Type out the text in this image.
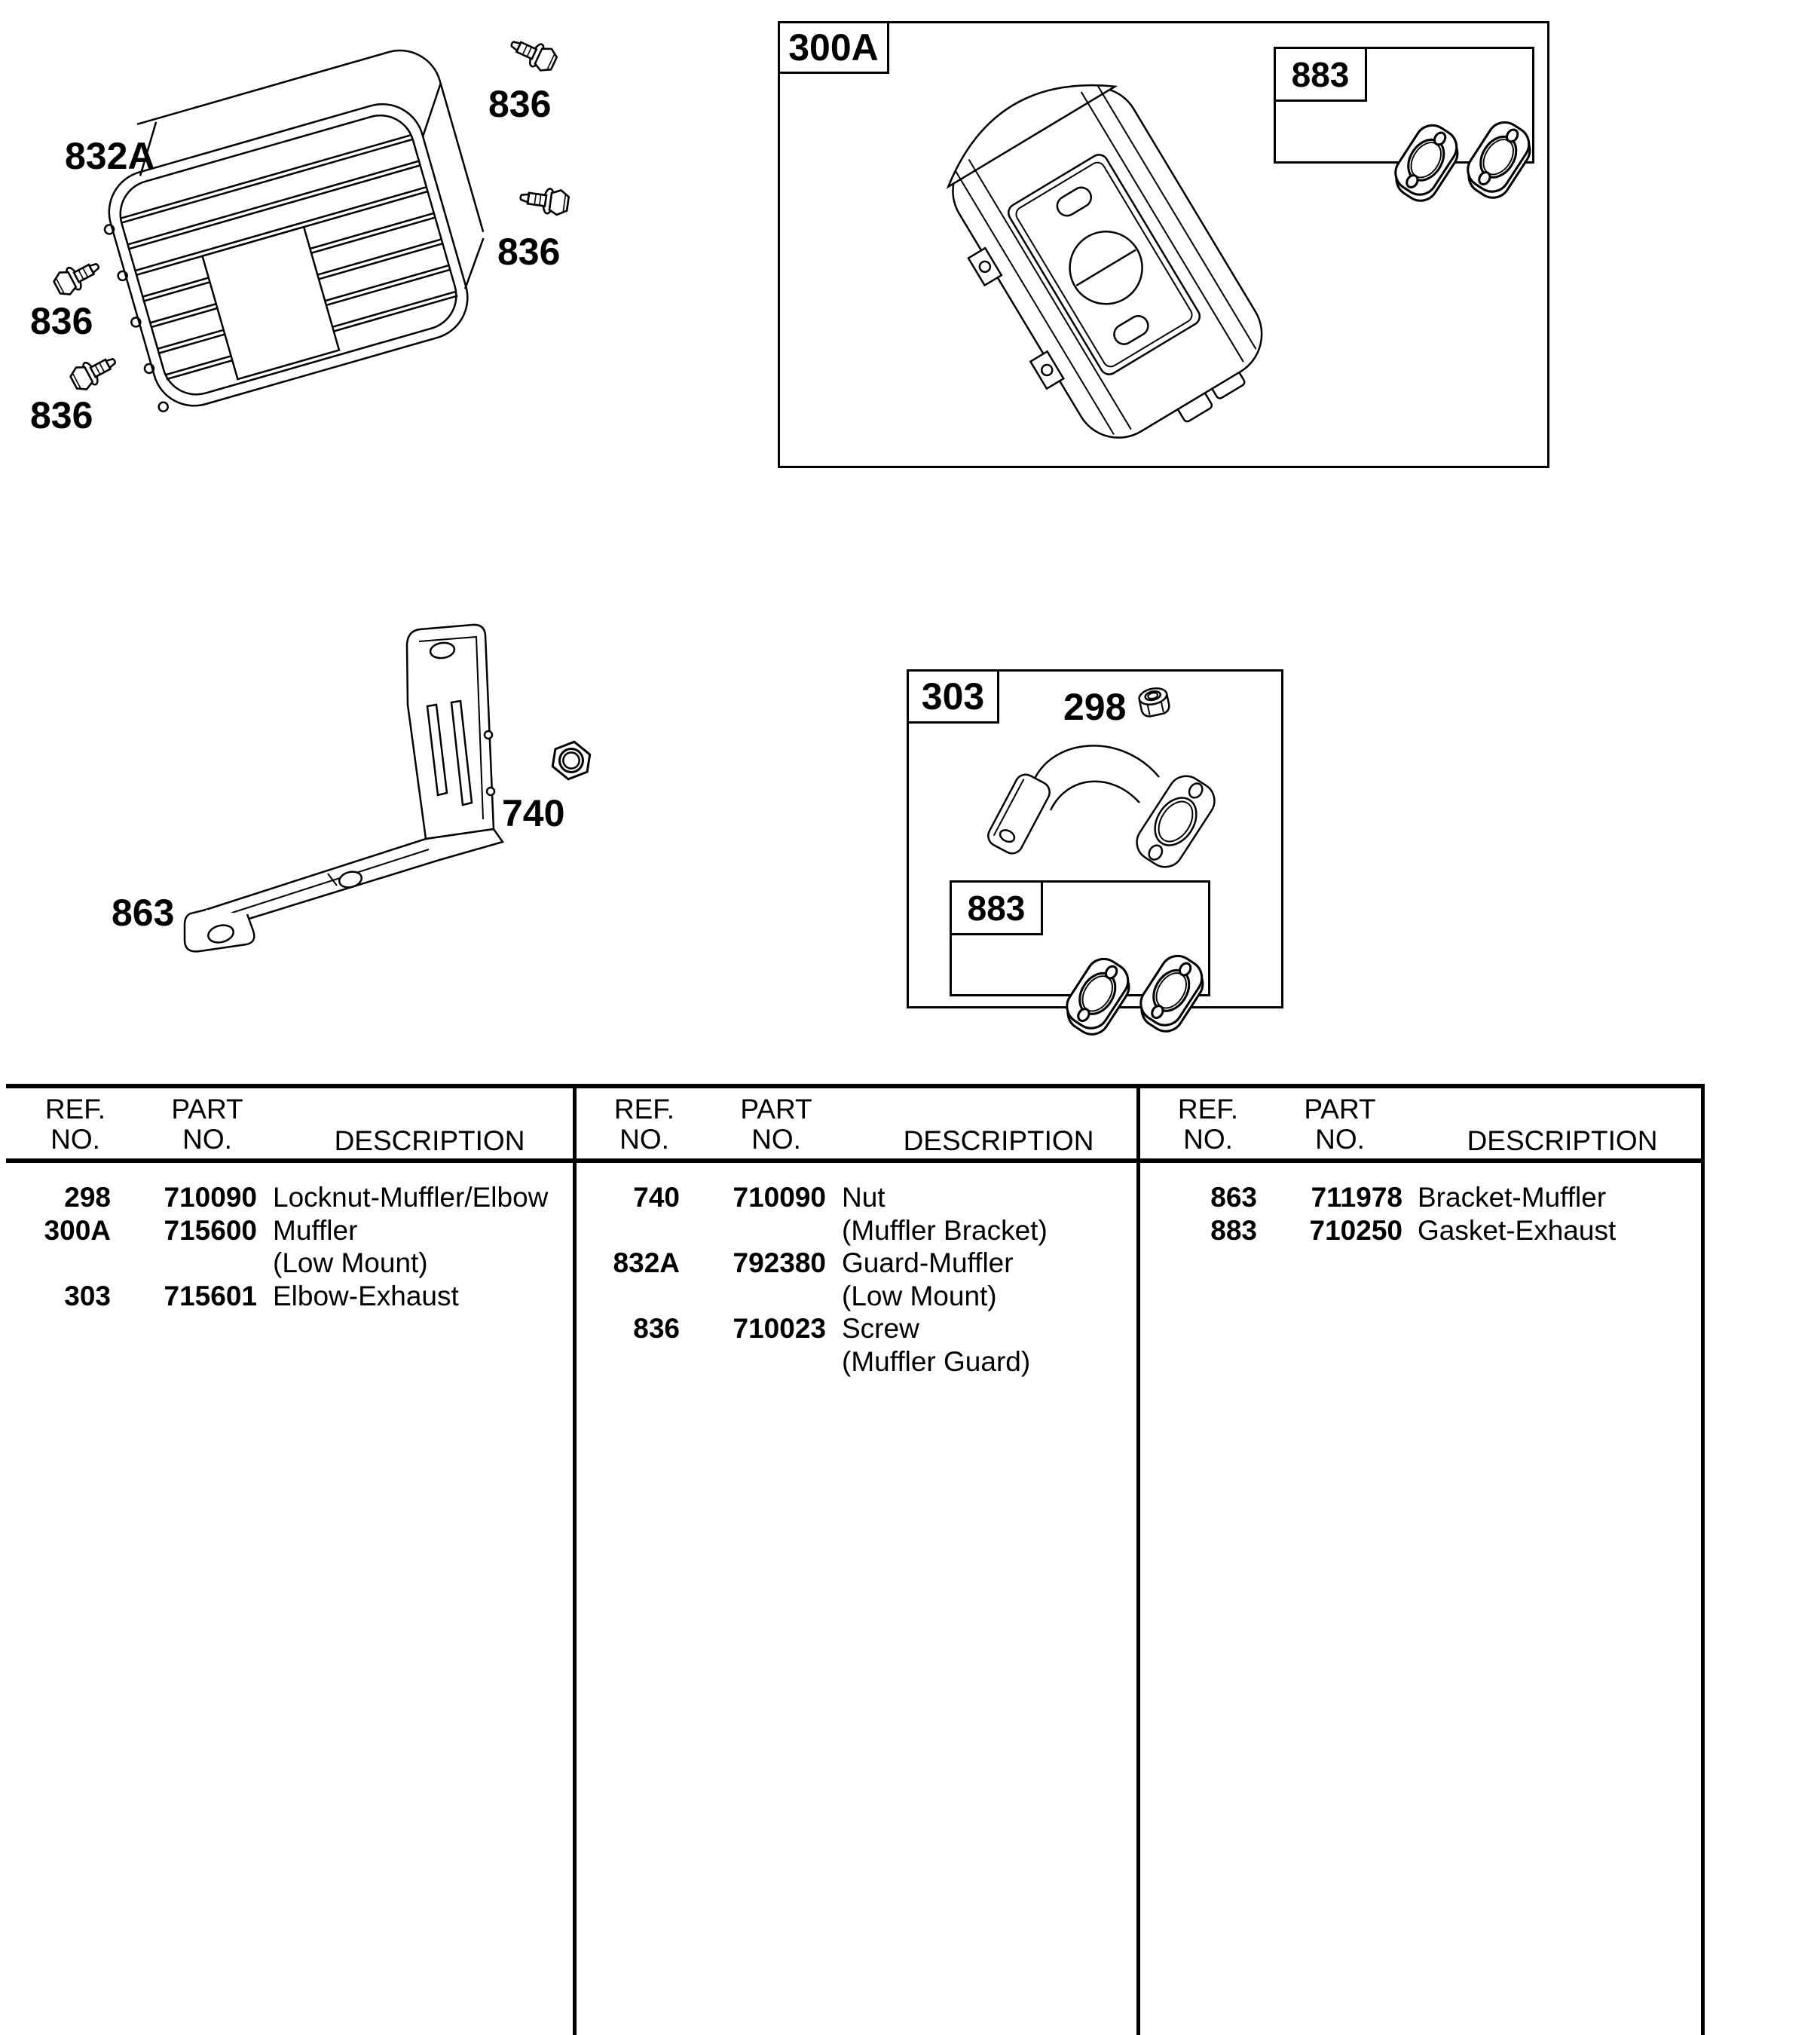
832A
836
836
836
836
300A
883
863
740
303	298
883
REF.
NO.
PART
NO.	DESCRIPTION
REF.
NO.
PART
NO.	DESCRIPTION
REF.
NO.
PART
NO.	DESCRIPTION
298	710090 Locknut-Muffler/Elbow
300A	715600 Muffler
(Low Mount)
303	715601 Elbow-Exhaust
740	710090 Nut
(Muffler Bracket)
832A	792380 Guard-Muffler
(Low Mount)
836	710023 Screw
(Muffler Guard)
863	711978 Bracket-Muffler
883	710250 Gasket-Exhaust
